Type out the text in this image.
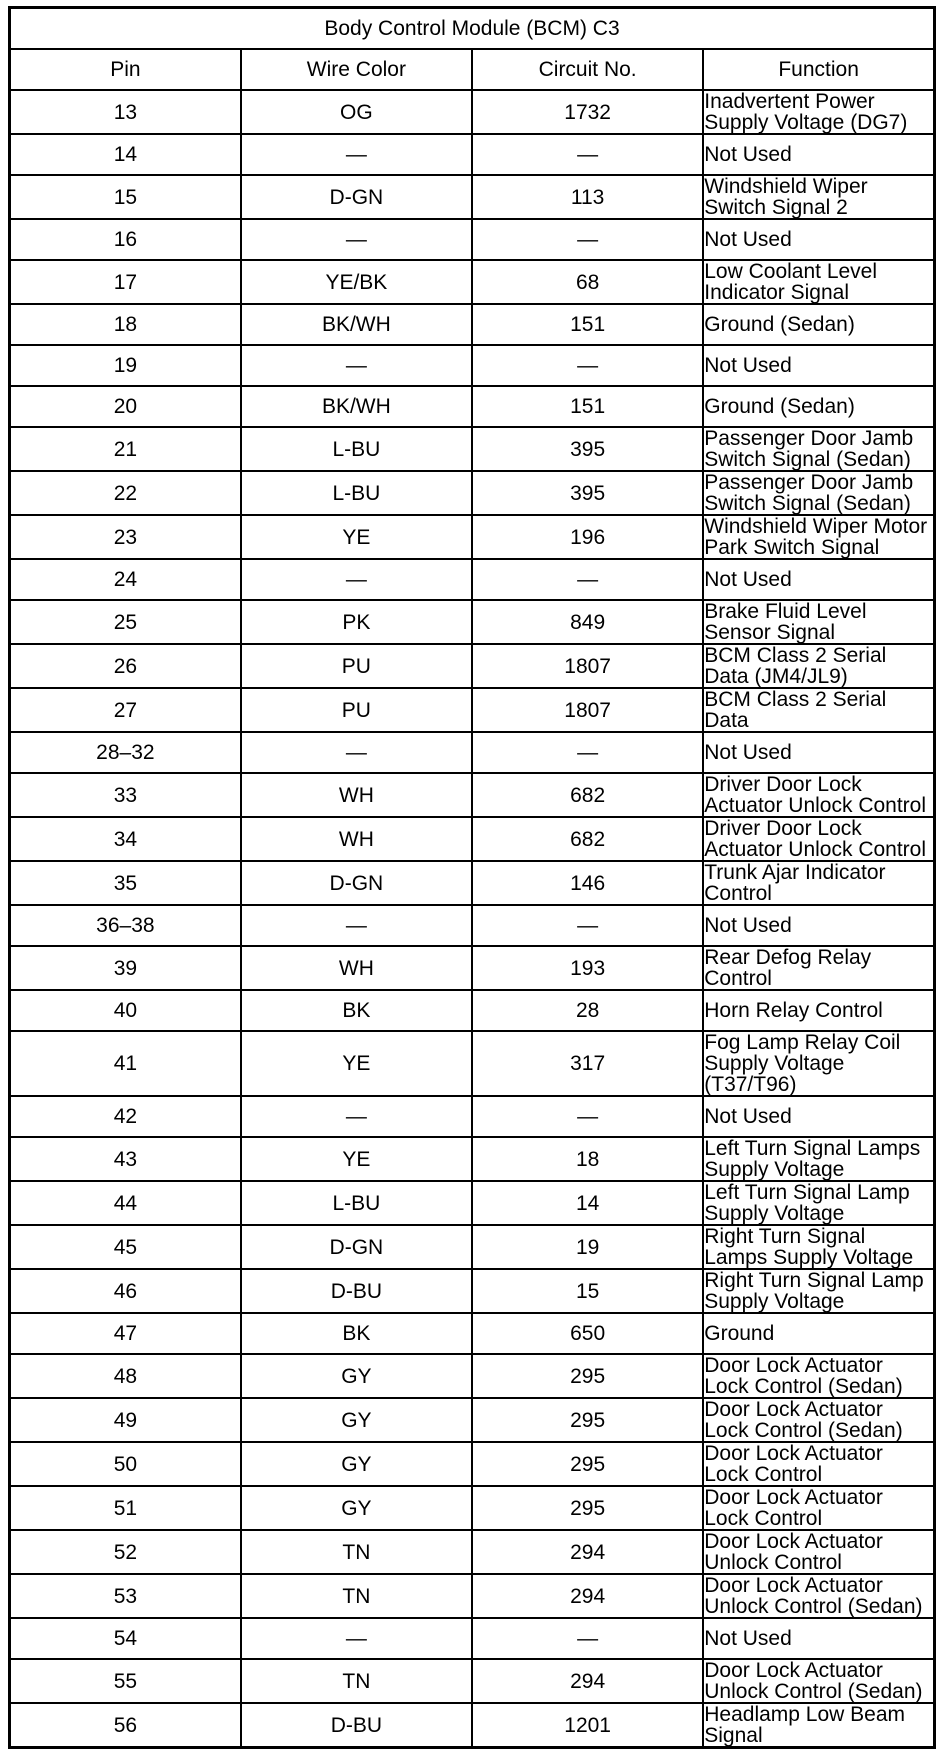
Body Control Module (BCM) C3			
Pin	Wire Color	Circuit No.	Function
13	OG	1732	Inadvertent Power Supply Voltage (DG7)
14	—	—	Not Used
15	D-GN	113	Windshield Wiper Switch Signal 2
16	—	—	Not Used
17	YE/BK	68	Low Coolant Level Indicator Signal
18	BK/WH	151	Ground (Sedan)
19	—	—	Not Used
20	BK/WH	151	Ground (Sedan)
21	L-BU	395	Passenger Door Jamb Switch Signal (Sedan)
22	L-BU	395	Passenger Door Jamb Switch Signal (Sedan)
23	YE	196	Windshield Wiper Motor Park Switch Signal
24	—	—	Not Used
25	PK	849	Brake Fluid Level Sensor Signal
26	PU	1807	BCM Class 2 Serial Data (JM4/JL9)
27	PU	1807	BCM Class 2 Serial Data
28–32	—	—	Not Used
33	WH	682	Driver Door Lock Actuator Unlock Control
34	WH	682	Driver Door Lock Actuator Unlock Control
35	D-GN	146	Trunk Ajar Indicator Control
36–38	—	—	Not Used
39	WH	193	Rear Defog Relay Control
40	BK	28	Horn Relay Control
41	YE	317	Fog Lamp Relay Coil Supply Voltage (T37/T96)
42	—	—	Not Used
43	YE	18	Left Turn Signal Lamps Supply Voltage
44	L-BU	14	Left Turn Signal Lamp Supply Voltage
45	D-GN	19	Right Turn Signal Lamps Supply Voltage
46	D-BU	15	Right Turn Signal Lamp Supply Voltage
47	BK	650	Ground
48	GY	295	Door Lock Actuator Lock Control (Sedan)
49	GY	295	Door Lock Actuator Lock Control (Sedan)
50	GY	295	Door Lock Actuator Lock Control
51	GY	295	Door Lock Actuator Lock Control
52	TN	294	Door Lock Actuator Unlock Control
53	TN	294	Door Lock Actuator Unlock Control (Sedan)
54	—	—	Not Used
55	TN	294	Door Lock Actuator Unlock Control (Sedan)
56	D-BU	1201	Headlamp Low Beam Signal
